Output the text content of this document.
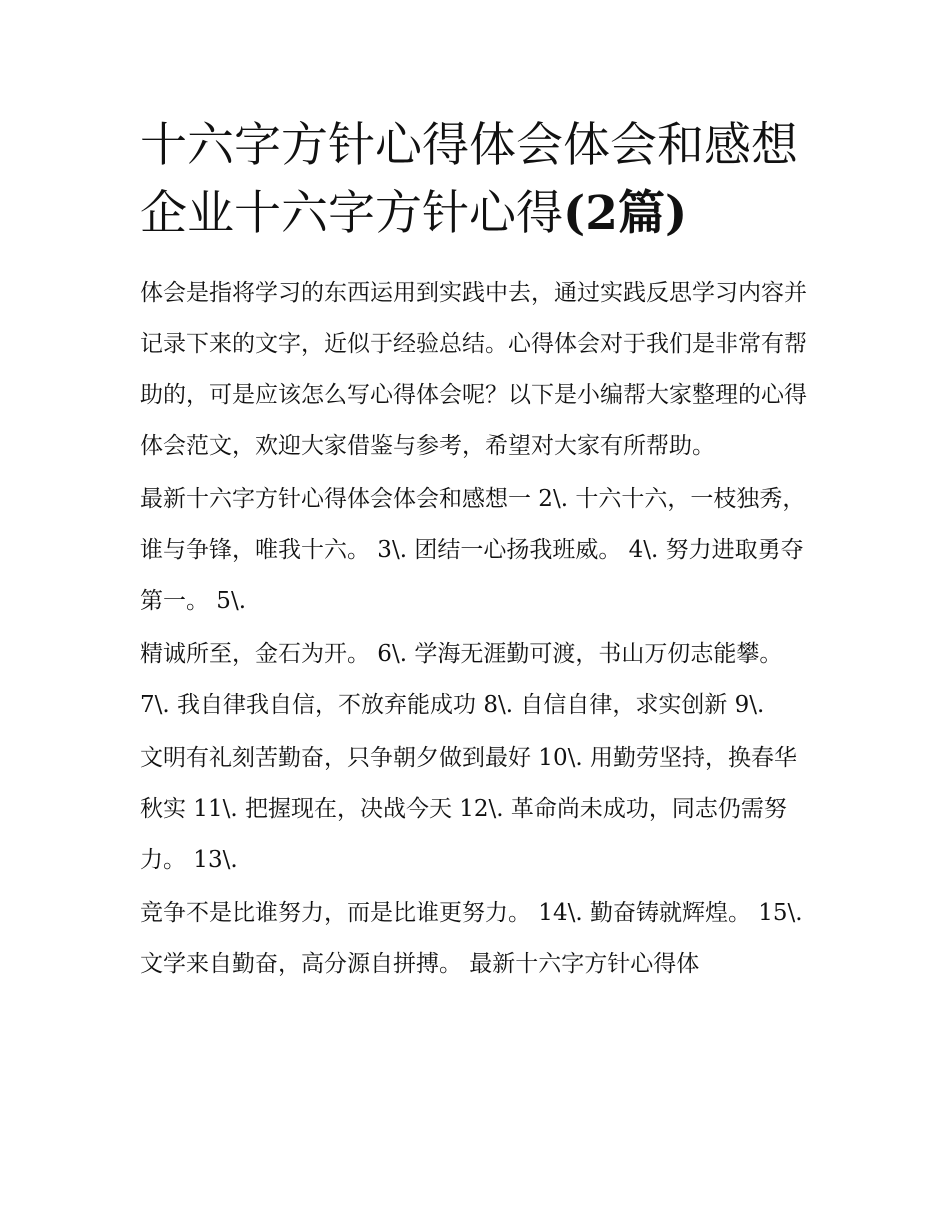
十六字方针心得体会体会和感想 企业十六字方针心得(2篇)

体会是指将学习的东西运用到实践中去，通过实践反思学习内容并记录下来的文字，近似于经验总结。心得体会对于我们是非常有帮助的，可是应该怎么写心得体会呢？以下是小编帮大家整理的心得体会范文，欢迎大家借鉴与参考，希望对大家有所帮助。

最新十六字方针心得体会体会和感想一 2\. 十六十六，一枝独秀，谁与争锋，唯我十六。 3\. 团结一心扬我班威。 4\. 努力进取勇夺第一。 5\.

精诚所至，金石为开。 6\. 学海无涯勤可渡，书山万仞志能攀。 7\. 我自律我自信，不放弃能成功 8\. 自信自律，求实创新 9\.

文明有礼刻苦勤奋，只争朝夕做到最好 10\. 用勤劳坚持，换春华秋实 11\. 把握现在，决战今天 12\. 革命尚未成功，同志仍需努力。 13\.

竞争不是比谁努力，而是比谁更努力。 14\. 勤奋铸就辉煌。 15\. 文学来自勤奋，高分源自拼搏。 最新十六字方针心得体
